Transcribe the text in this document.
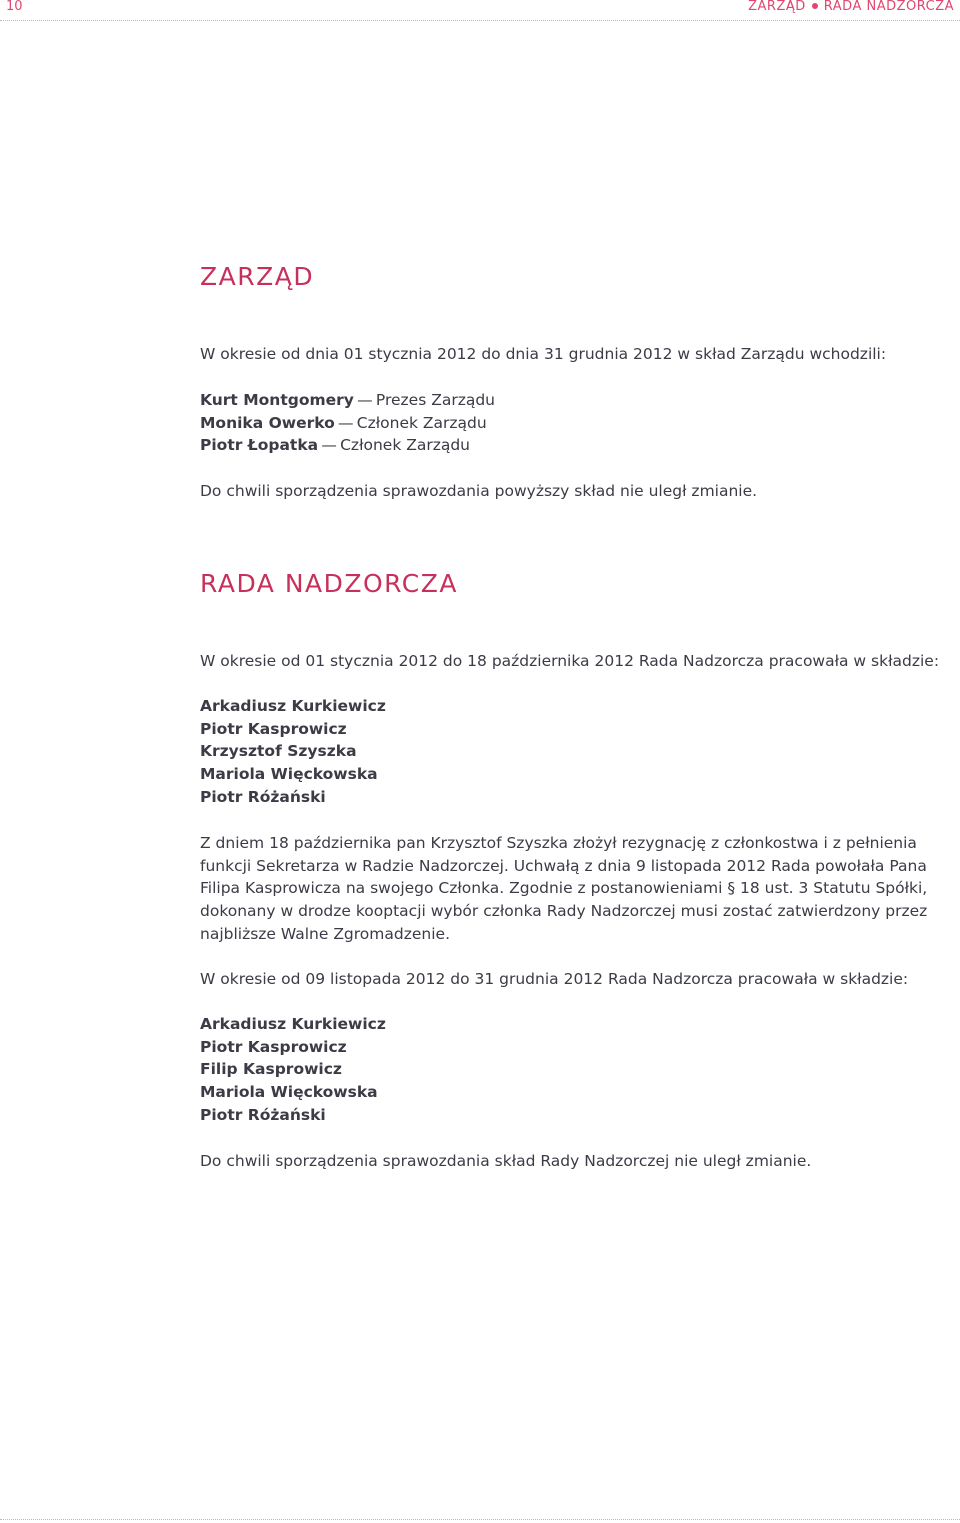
10	ZARZĄD RADA NADZORCZA
ZARZĄD

W okresie od dnia 01 stycznia 2012 do dnia 31 grudnia 2012 w skład Zarządu wchodzili:

Kurt Montgomery — Prezes Zarządu
Monika Owerko — Członek Zarządu
Piotr Łopatka — Członek Zarządu

Do chwili sporządzenia sprawozdania powyższy skład nie uległ zmianie.

RADA NADZORCZA

W okresie od 01 stycznia 2012 do 18 października 2012 Rada Nadzorcza pracowała w składzie:

Arkadiusz Kurkiewicz
Piotr Kasprowicz
Krzysztof Szyszka
Mariola Więckowska
Piotr Różański

Z dniem 18 października pan Krzysztof Szyszka złożył rezygnację z członkostwa i z pełnienia funkcji Sekretarza w Radzie Nadzorczej. Uchwałą z dnia 9 listopada 2012 Rada powołała Pana Filipa Kasprowicza na swojego Członka. Zgodnie z postanowieniami § 18 ust. 3 Statutu Spółki, dokonany w drodze kooptacji wybór członka Rady Nadzorczej musi zostać zatwierdzony przez najbliższe Walne Zgromadzenie.

W okresie od 09 listopada 2012 do 31 grudnia 2012 Rada Nadzorcza pracowała w składzie:

Arkadiusz Kurkiewicz
Piotr Kasprowicz
Filip Kasprowicz
Mariola Więckowska
Piotr Różański

Do chwili sporządzenia sprawozdania skład Rady Nadzorczej nie uległ zmianie.
